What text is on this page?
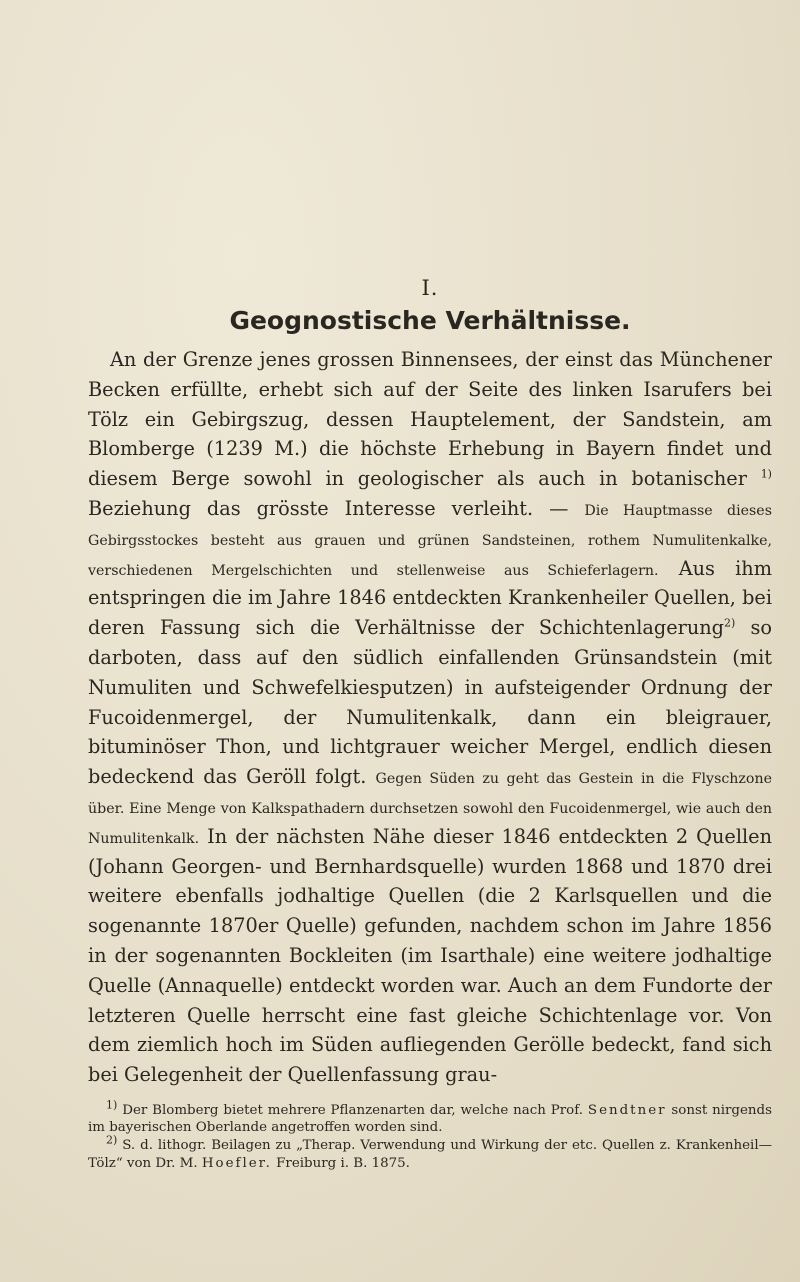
I.
Geognostische Verhältnisse.

An der Grenze jenes grossen Binnensees, der einst das Münchener Becken erfüllte, erhebt sich auf der Seite des linken Isarufers bei Tölz ein Gebirgszug, dessen Hauptelement, der Sandstein, am Blomberge (1239 M.) die höchste Erhebung in Bayern findet und diesem Berge sowohl in geologischer als auch in botanischer $^{1)}$ Beziehung das grösste Interesse verleiht. — Die Hauptmasse dieses Gebirgsstockes besteht aus grauen und grünen Sandsteinen, rothem Numulitenkalke, verschiedenen Mergelschichten und stellenweise aus Schieferlagern. Aus ihm entspringen die im Jahre 1846 entdeckten Krankenheiler Quellen, bei deren Fassung sich die Verhältnisse der Schichtenlagerung$^{2)}$ so darboten, dass auf den südlich einfallenden Grünsandstein (mit Numuliten und Schwefelkiesputzen) in aufsteigender Ordnung der Fucoidenmergel, der Numulitenkalk, dann ein bleigrauer, bituminöser Thon, und lichtgrauer weicher Mergel, endlich diesen bedeckend das Geröll folgt. Gegen Süden zu geht das Gestein in die Flyschzone über. Eine Menge von Kalkspathadern durchsetzen sowohl den Fucoidenmergel, wie auch den Numulitenkalk. In der nächsten Nähe dieser 1846 entdeckten 2 Quellen (Johann Georgen- und Bernhardsquelle) wurden 1868 und 1870 drei weitere ebenfalls jodhaltige Quellen (die 2 Karlsquellen und die sogenannte 1870er Quelle) gefunden, nachdem schon im Jahre 1856 in der sogenannten Bockleiten (im Isarthale) eine weitere jodhaltige Quelle (Annaquelle) entdeckt worden war. Auch an dem Fundorte der letzteren Quelle herrscht eine fast gleiche Schichtenlage vor. Von dem ziemlich hoch im Süden aufliegenden Gerölle bedeckt, fand sich bei Gelegenheit der Quellenfassung grau-

$^{1)}$ Der Blomberg bietet mehrere Pflanzenarten dar, welche nach Prof. Sendtner sonst nirgends im bayerischen Oberlande angetroffen worden sind.

$^{2)}$ S. d. lithogr. Beilagen zu „Therap. Verwendung und Wirkung der etc. Quellen z. Krankenheil—Tölz“ von Dr. M. Hoefler. Freiburg i. B. 1875.
